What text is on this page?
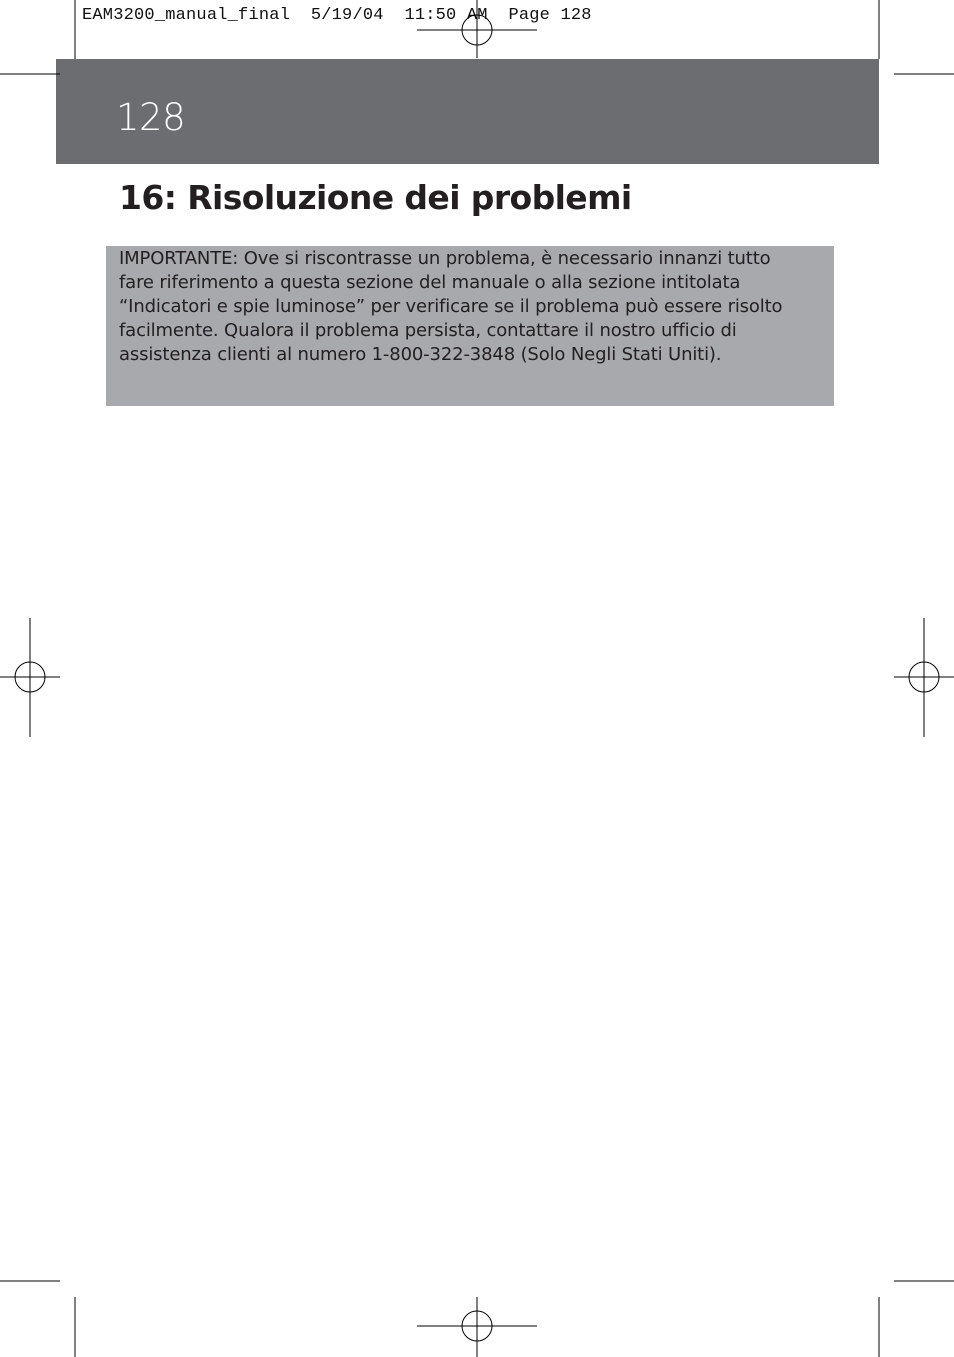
EAM3200_manual_final  5/19/04  11:50 AM  Page 128
128
16: Risoluzione dei problemi

IMPORTANTE: Ove si riscontrasse un problema, è necessario innanzi tutto fare riferimento a questa sezione del manuale o alla sezione intitolata “Indicatori e spie luminose” per verificare se il problema può essere risolto facilmente. Qualora il problema persista, contattare il nostro ufficio di assistenza clienti al numero 1-800-322-3848 (Solo Negli Stati Uniti).
